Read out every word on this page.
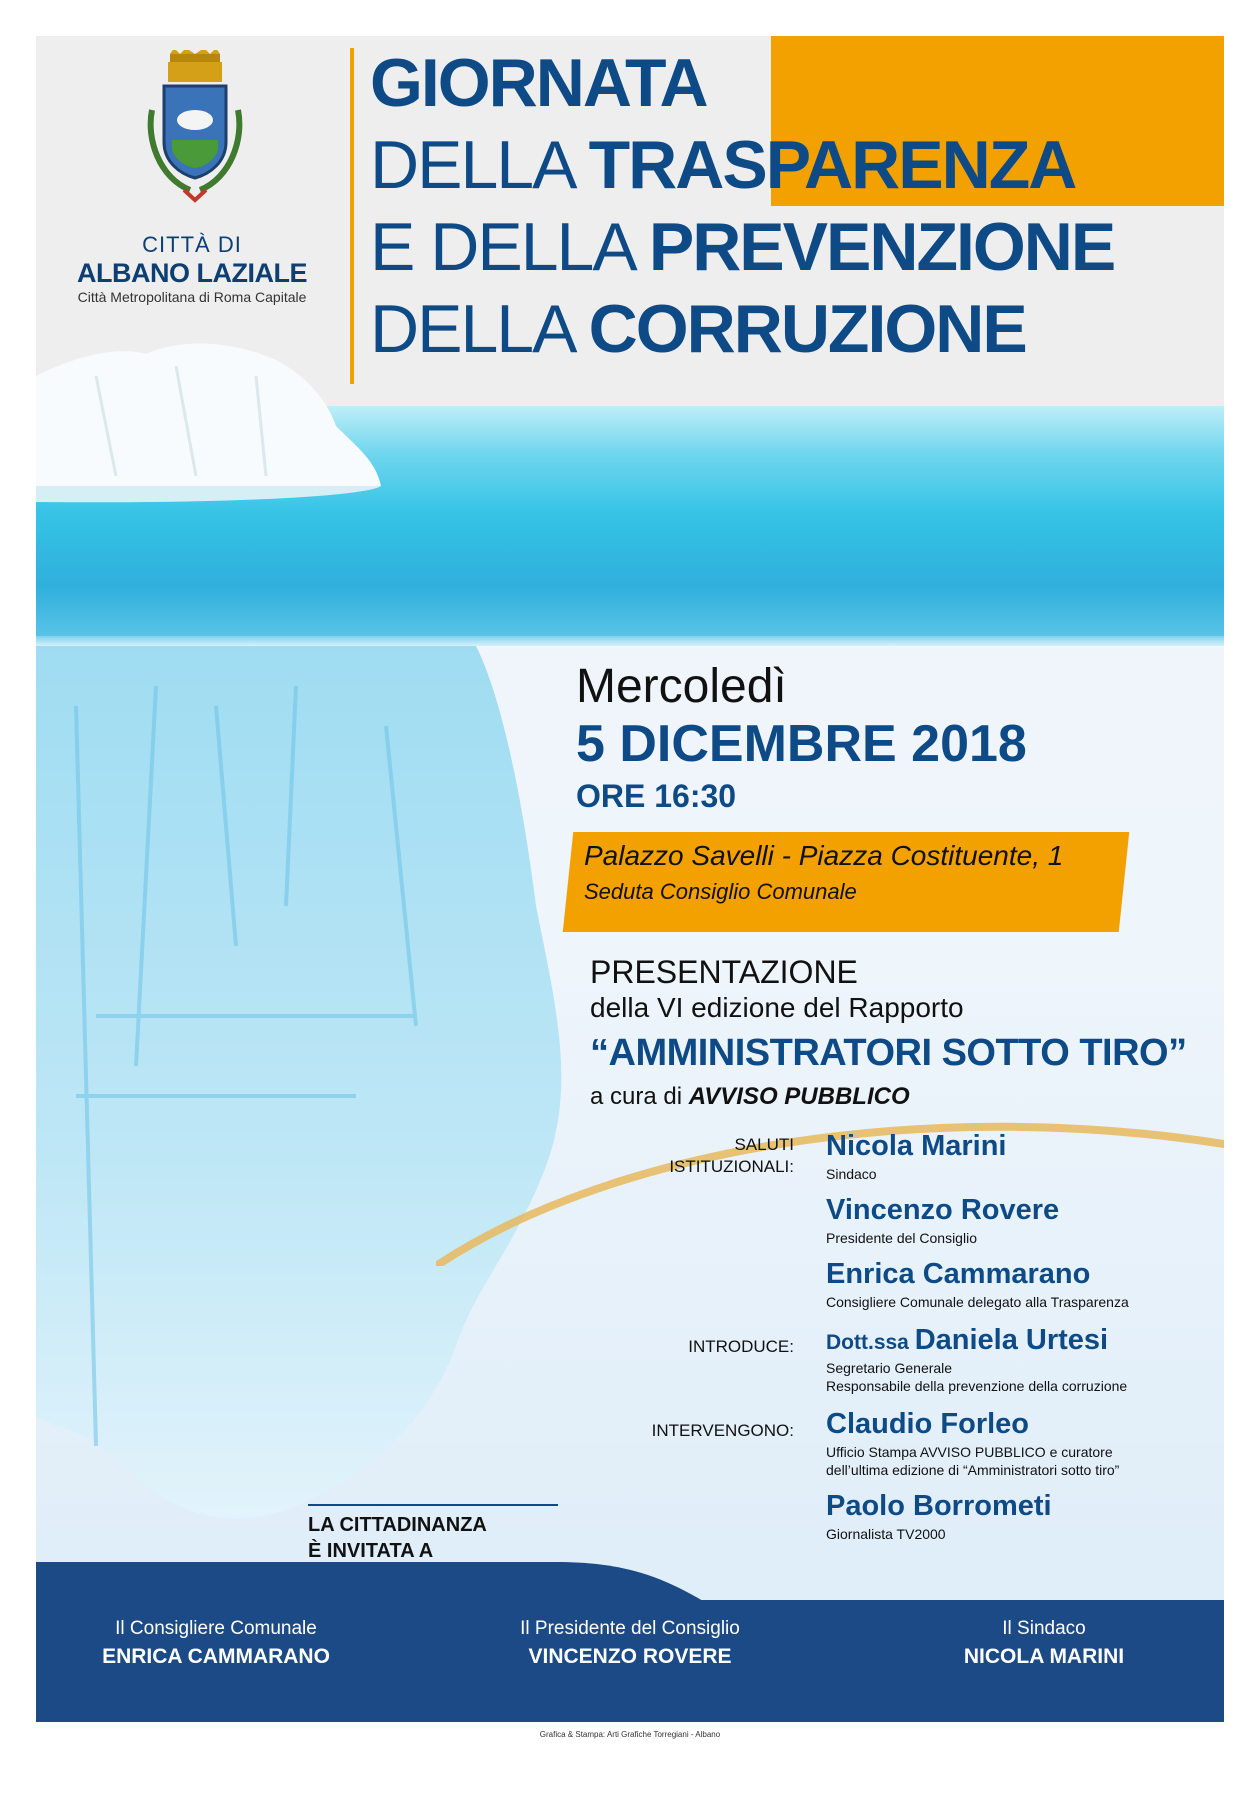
GIORNATA
DELLA TRASPARENZA
E DELLA PREVENZIONE
DELLA CORRUZIONE
CITTÀ DI
ALBANO LAZIALE
Città Metropolitana di Roma Capitale
Mercoledì
5 DICEMBRE 2018
ORE 16:30
Palazzo Savelli - Piazza Costituente, 1
Seduta Consiglio Comunale
PRESENTAZIONE
della VI edizione del Rapporto
“AMMINISTRATORI SOTTO TIRO”
a cura di AVVISO PUBBLICO
SALUTI
ISTITUZIONALI:
Nicola Marini
Sindaco
Vincenzo Rovere
Presidente del Consiglio
Enrica Cammarano
Consigliere Comunale delegato alla Trasparenza
INTRODUCE: Dott.ssa Daniela Urtesi
Segretario Generale
Responsabile della prevenzione della corruzione
INTERVENGONO: Claudio Forleo
Ufficio Stampa AVVISO PUBBLICO e curatore
dell’ultima edizione di “Amministratori sotto tiro”
Paolo Borrometi
Giornalista TV2000
LA CITTADINANZA
È INVITATA A
Il Consigliere Comunale
ENRICA CAMMARANO
Il Presidente del Consiglio
VINCENZO ROVERE
Il Sindaco
NICOLA MARINI
Grafica & Stampa: Arti Grafiche Torregiani - Albano
